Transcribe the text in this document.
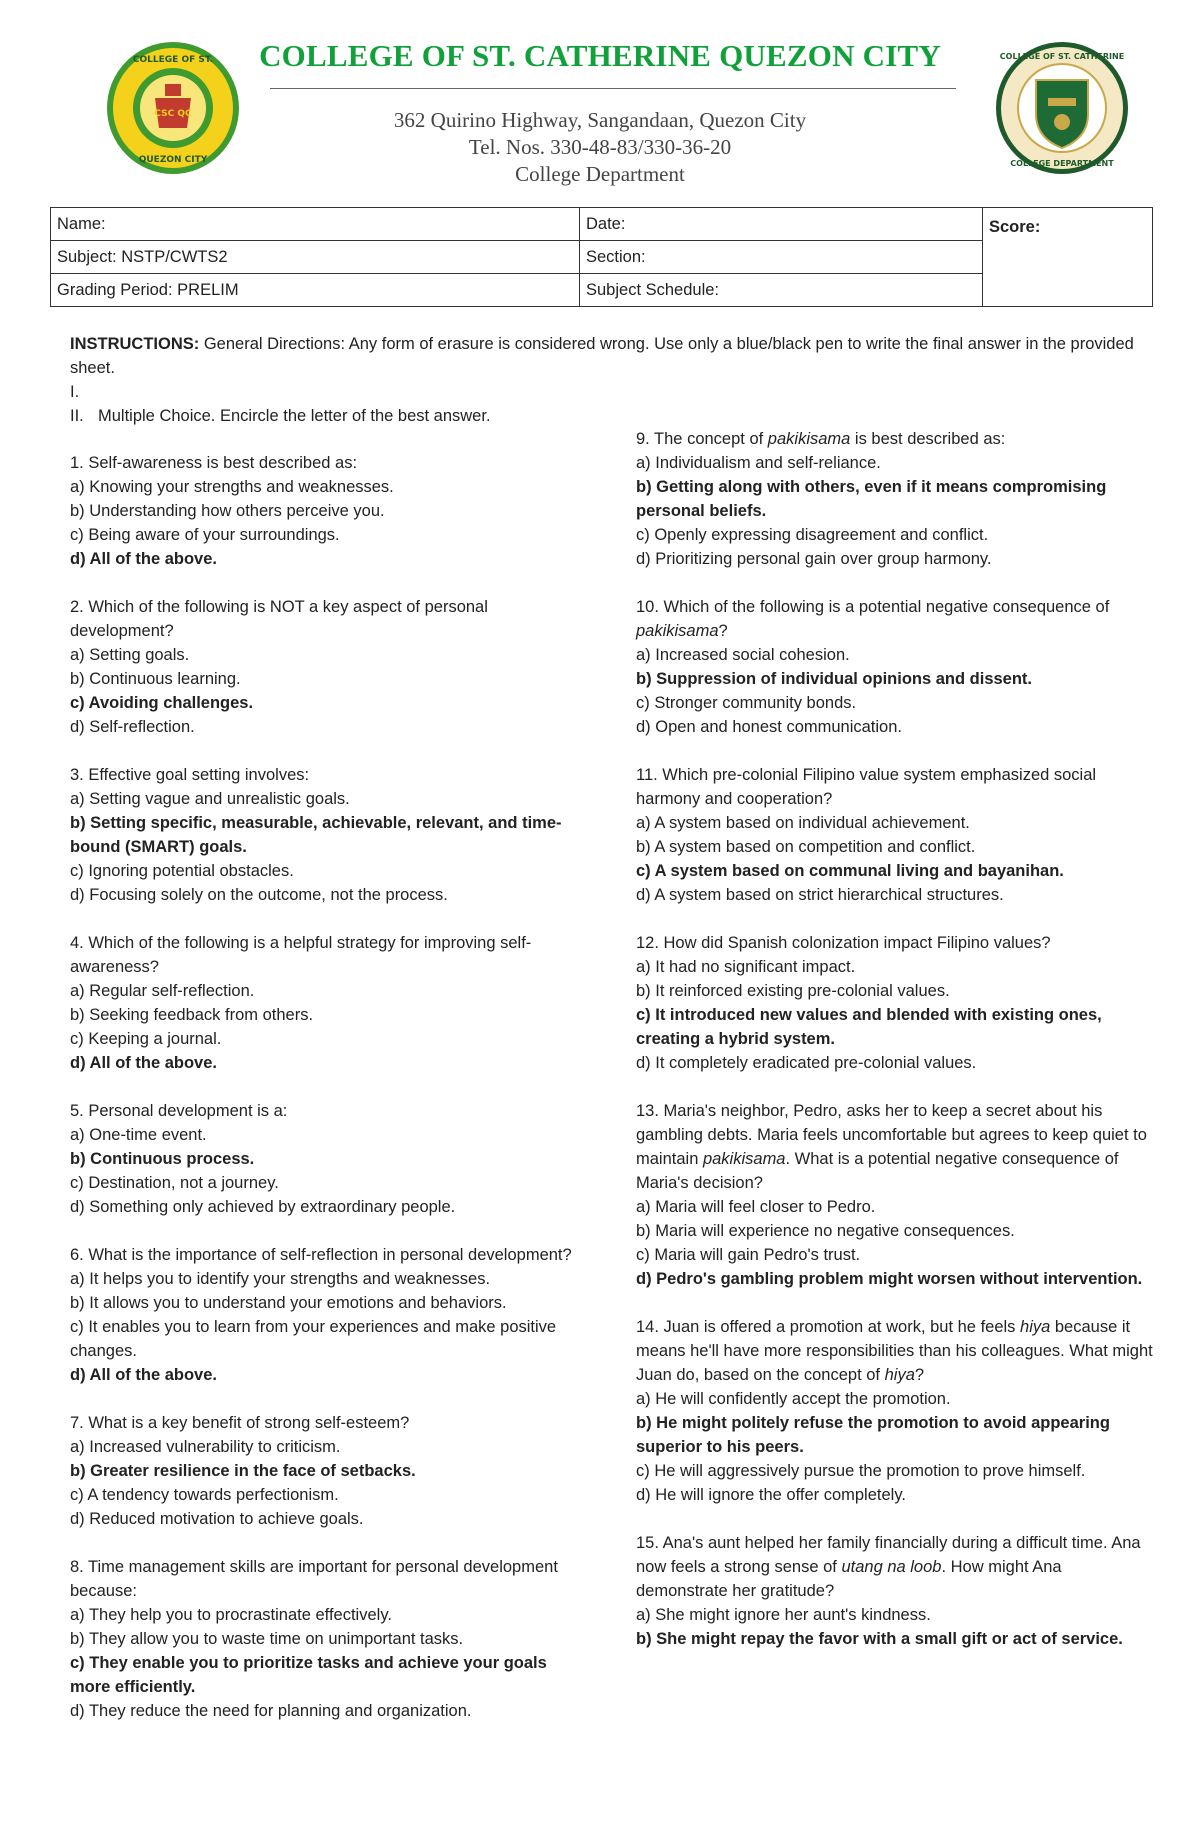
CSC QC
COLLEGE OF ST.
QUEZON CITY
COLLEGE OF ST. CATHERINE QUEZON CITY
362 Quirino Highway, Sangandaan, Quezon City
Tel. Nos. 330-48-83/330-36-20
College Department
COLLEGE OF ST. CATHERINE
COLLEGE DEPARTMENT
Name:	Date:	Score:
Subject: NSTP/CWTS2	Section:	
Grading Period: PRELIM	Subject Schedule:	
INSTRUCTIONS: General Directions: Any form of erasure is considered wrong. Use only a blue/black pen to write the final answer in the provided sheet.
I.
II. Multiple Choice. Encircle the letter of the best answer.
1. Self-awareness is best described as:
a) Knowing your strengths and weaknesses.
b) Understanding how others perceive you.
c) Being aware of your surroundings.
d) All of the above.
2. Which of the following is NOT a key aspect of personal development?
a) Setting goals.
b) Continuous learning.
c) Avoiding challenges.
d) Self-reflection.
3. Effective goal setting involves:
a) Setting vague and unrealistic goals.
b) Setting specific, measurable, achievable, relevant, and time-bound (SMART) goals.
c) Ignoring potential obstacles.
d) Focusing solely on the outcome, not the process.
4. Which of the following is a helpful strategy for improving self-awareness?
a) Regular self-reflection.
b) Seeking feedback from others.
c) Keeping a journal.
d) All of the above.
5. Personal development is a:
a) One-time event.
b) Continuous process.
c) Destination, not a journey.
d) Something only achieved by extraordinary people.
6. What is the importance of self-reflection in personal development?
a) It helps you to identify your strengths and weaknesses.
b) It allows you to understand your emotions and behaviors.
c) It enables you to learn from your experiences and make positive changes.
d) All of the above.
7. What is a key benefit of strong self-esteem?
a) Increased vulnerability to criticism.
b) Greater resilience in the face of setbacks.
c) A tendency towards perfectionism.
d) Reduced motivation to achieve goals.
8. Time management skills are important for personal development because:
a) They help you to procrastinate effectively.
b) They allow you to waste time on unimportant tasks.
c) They enable you to prioritize tasks and achieve your goals more efficiently.
d) They reduce the need for planning and organization.
9. The concept of pakikisama is best described as:
a) Individualism and self-reliance.
b) Getting along with others, even if it means compromising personal beliefs.
c) Openly expressing disagreement and conflict.
d) Prioritizing personal gain over group harmony.
10. Which of the following is a potential negative consequence of pakikisama?
a) Increased social cohesion.
b) Suppression of individual opinions and dissent.
c) Stronger community bonds.
d) Open and honest communication.
11. Which pre-colonial Filipino value system emphasized social harmony and cooperation?
a) A system based on individual achievement.
b) A system based on competition and conflict.
c) A system based on communal living and bayanihan.
d) A system based on strict hierarchical structures.
12. How did Spanish colonization impact Filipino values?
a) It had no significant impact.
b) It reinforced existing pre-colonial values.
c) It introduced new values and blended with existing ones, creating a hybrid system.
d) It completely eradicated pre-colonial values.
13. Maria's neighbor, Pedro, asks her to keep a secret about his gambling debts. Maria feels uncomfortable but agrees to keep quiet to maintain pakikisama. What is a potential negative consequence of Maria's decision?
a) Maria will feel closer to Pedro.
b) Maria will experience no negative consequences.
c) Maria will gain Pedro's trust.
d) Pedro's gambling problem might worsen without intervention.
14. Juan is offered a promotion at work, but he feels hiya because it means he'll have more responsibilities than his colleagues. What might Juan do, based on the concept of hiya?
a) He will confidently accept the promotion.
b) He might politely refuse the promotion to avoid appearing superior to his peers.
c) He will aggressively pursue the promotion to prove himself.
d) He will ignore the offer completely.
15. Ana's aunt helped her family financially during a difficult time. Ana now feels a strong sense of utang na loob. How might Ana demonstrate her gratitude?
a) She might ignore her aunt's kindness.
b) She might repay the favor with a small gift or act of service.
